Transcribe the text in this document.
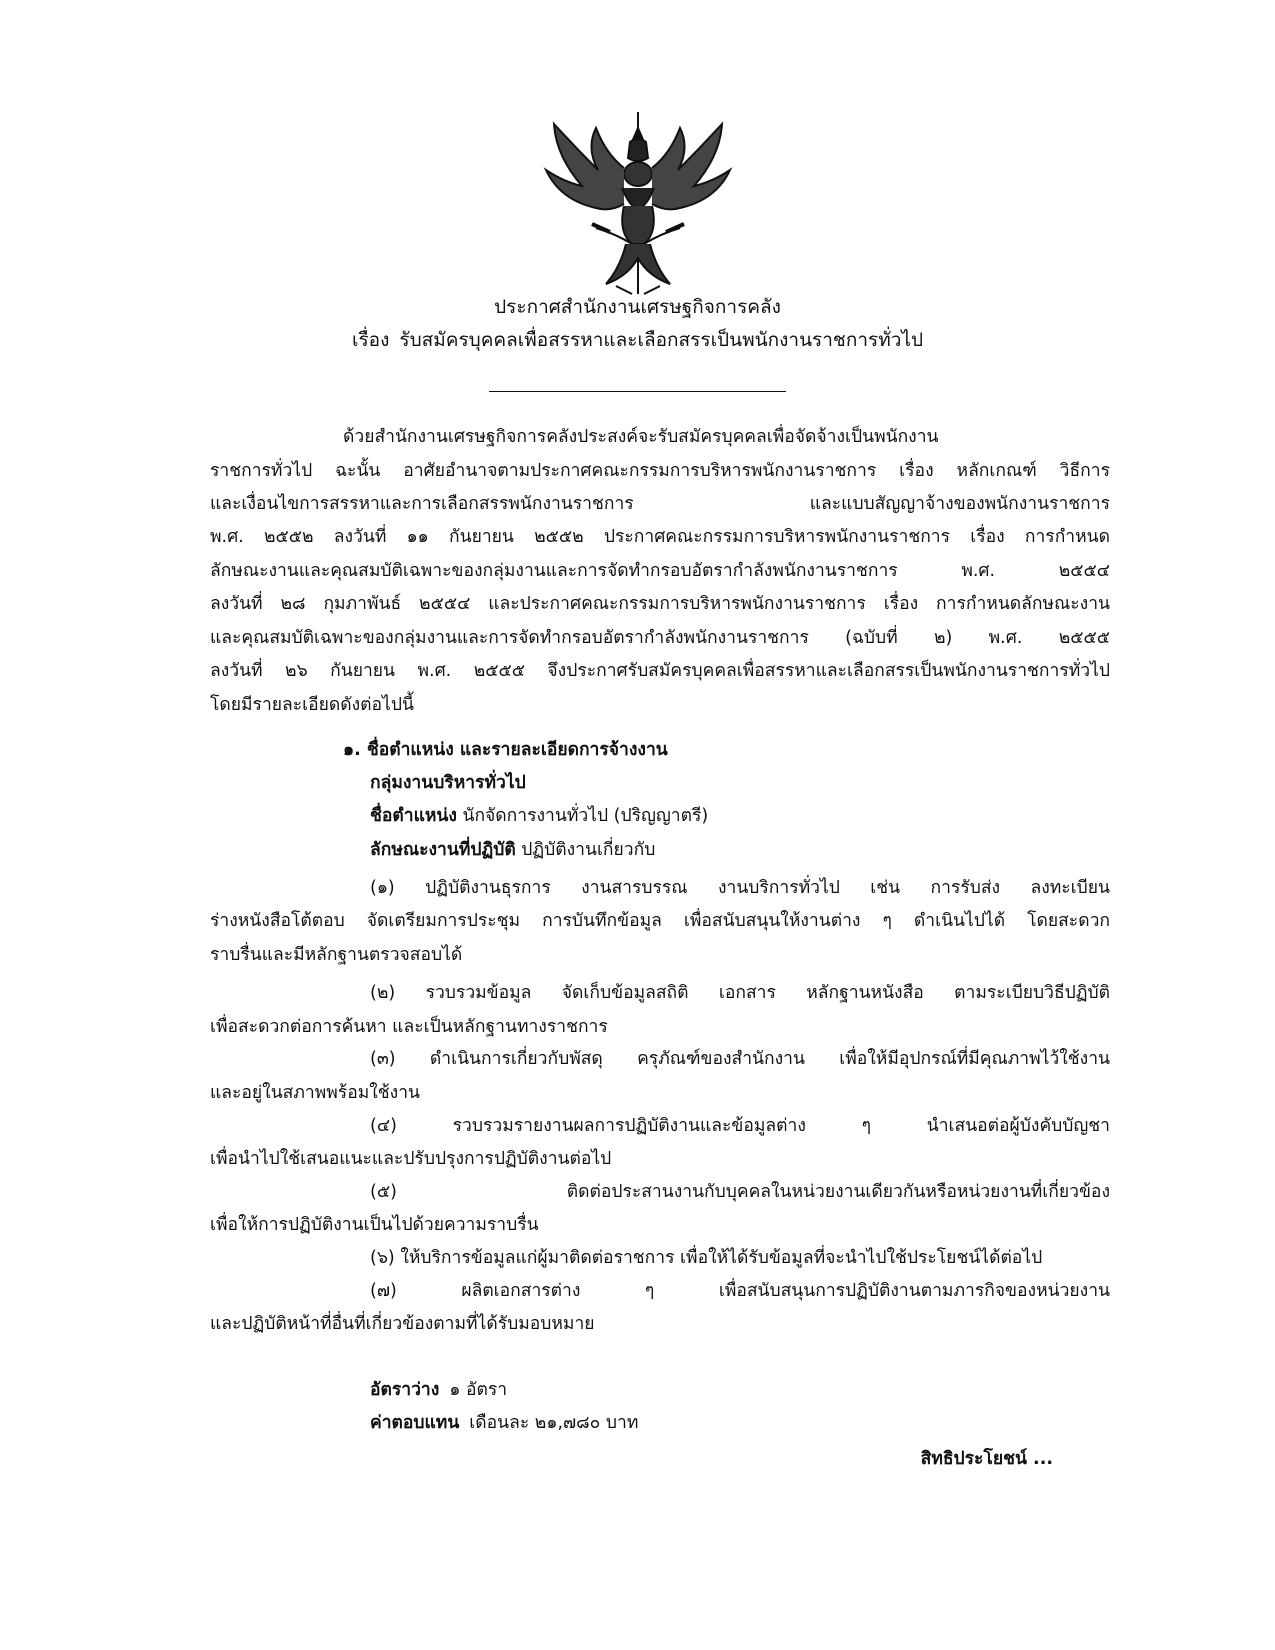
ประกาศสำนักงานเศรษฐกิจการคลัง
เรื่อง รับสมัครบุคคลเพื่อสรรหาและเลือกสรรเป็นพนักงานราชการทั่วไป
ด้วยสำนักงานเศรษฐกิจการคลังประสงค์จะรับสมัครบุคคลเพื่อจัดจ้างเป็นพนักงาน
ราชการทั่วไป ฉะนั้น อาศัยอำนาจตามประกาศคณะกรรมการบริหารพนักงานราชการ เรื่อง หลักเกณฑ์ วิธีการ
และเงื่อนไขการสรรหาและการเลือกสรรพนักงานราชการ และแบบสัญญาจ้างของพนักงานราชการ
พ.ศ. ๒๕๕๒ ลงวันที่ ๑๑ กันยายน ๒๕๕๒ ประกาศคณะกรรมการบริหารพนักงานราชการ เรื่อง การกำหนด
ลักษณะงานและคุณสมบัติเฉพาะของกลุ่มงานและการจัดทำกรอบอัตรากำลังพนักงานราชการ พ.ศ. ๒๕๕๔
ลงวันที่ ๒๘ กุมภาพันธ์ ๒๕๕๔ และประกาศคณะกรรมการบริหารพนักงานราชการ เรื่อง การกำหนดลักษณะงาน
และคุณสมบัติเฉพาะของกลุ่มงานและการจัดทำกรอบอัตรากำลังพนักงานราชการ (ฉบับที่ ๒) พ.ศ. ๒๕๕๕
ลงวันที่ ๒๖ กันยายน พ.ศ. ๒๕๕๕ จึงประกาศรับสมัครบุคคลเพื่อสรรหาและเลือกสรรเป็นพนักงานราชการทั่วไป
โดยมีรายละเอียดดังต่อไปนี้
๑. ชื่อตำแหน่ง และรายละเอียดการจ้างงาน
กลุ่มงานบริหารทั่วไป
ชื่อตำแหน่ง นักจัดการงานทั่วไป (ปริญญาตรี)
ลักษณะงานที่ปฏิบัติ ปฏิบัติงานเกี่ยวกับ
(๑) ปฏิบัติงานธุรการ งานสารบรรณ งานบริการทั่วไป เช่น การรับส่ง ลงทะเบียน
ร่างหนังสือโต้ตอบ จัดเตรียมการประชุม การบันทึกข้อมูล เพื่อสนับสนุนให้งานต่าง ๆ ดำเนินไปได้ โดยสะดวก
ราบรื่นและมีหลักฐานตรวจสอบได้
(๒) รวบรวมข้อมูล จัดเก็บข้อมูลสถิติ เอกสาร หลักฐานหนังสือ ตามระเบียบวิธีปฏิบัติ
เพื่อสะดวกต่อการค้นหา และเป็นหลักฐานทางราชการ
(๓) ดำเนินการเกี่ยวกับพัสดุ ครุภัณฑ์ของสำนักงาน เพื่อให้มีอุปกรณ์ที่มีคุณภาพไว้ใช้งาน
และอยู่ในสภาพพร้อมใช้งาน
(๔) รวบรวมรายงานผลการปฏิบัติงานและข้อมูลต่าง ๆ นำเสนอต่อผู้บังคับบัญชา
เพื่อนำไปใช้เสนอแนะและปรับปรุงการปฏิบัติงานต่อไป
(๕) ติดต่อประสานงานกับบุคคลในหน่วยงานเดียวกันหรือหน่วยงานที่เกี่ยวข้อง
เพื่อให้การปฏิบัติงานเป็นไปด้วยความราบรื่น
(๖) ให้บริการข้อมูลแก่ผู้มาติดต่อราชการ เพื่อให้ได้รับข้อมูลที่จะนำไปใช้ประโยชน์ได้ต่อไป
(๗) ผลิตเอกสารต่าง ๆ เพื่อสนับสนุนการปฏิบัติงานตามภารกิจของหน่วยงาน
และปฏิบัติหน้าที่อื่นที่เกี่ยวข้องตามที่ได้รับมอบหมาย
อัตราว่าง ๑ อัตรา
ค่าตอบแทน เดือนละ ๒๑,๗๘๐ บาท
สิทธิประโยชน์ ...
